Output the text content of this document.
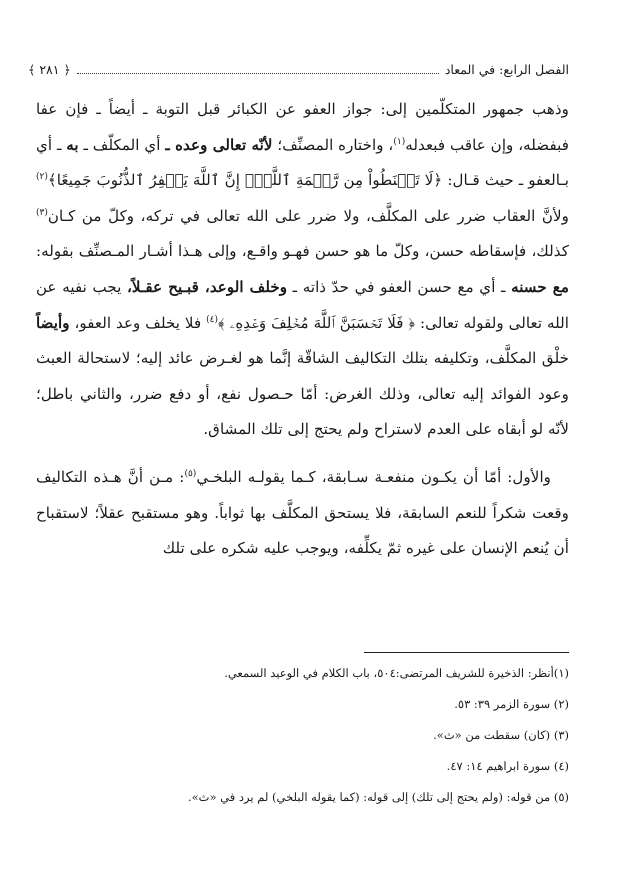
الفصل الرابع: في المعاد
﴿ ٢٨١ ﴾

وذهب جمهور المتكلّمين إلى: جواز العفو عن الكبائر قبل التوبة ـ أيضاً ـ فإن عفا فبفضله، وإن عاقب فبعدله$^{(١)}$، واختاره المصنِّف؛ لأنّه تعالى وعده ـ أي المكلّف ـ به ـ أي بـالعفو ـ حيث قـال: ﴿لَا تَقۡنَطُواْ مِن رَّحۡمَةِ ٱللَّهِۚ إِنَّ ٱللَّهَ يَغۡفِرُ ٱلذُّنُوبَ جَمِيعًا﴾$^{(٢)}$ ولأنَّ العقاب ضرر على المكلَّف، ولا ضرر على الله تعالى في تركه، وكلّ من كـان$^{(٣)}$ كذلك، فإسقاطه حسن، وكلّ ما هو حسن فهـو واقـع، وإلى هـذا أشـار المـصنِّف بقوله: مع حسنه ـ أي مع حسن العفو في حدّ ذاته ـ وخلف الوعد، قبـيح عقـلاً، يجب نفيه عن الله تعالى ولقوله تعالى: ﴿ فَلَا تَحۡسَبَنَّ ٱللَّهَ مُخۡلِفَ وَعۡدِهِۦ ﴾$^{(٤)}$ فلا يخلف وعد العفو، وأيضاً خلْق المكلَّف، وتكليفه بتلك التكاليف الشاقّة إنَّما هو لغـرض عائد إليه؛ لاستحالة العبث وعود الفوائد إليه تعالى، وذلك الغرض: أمّا حـصول نفع، أو دفع ضرر، والثاني باطل؛ لأنّه لو أبقاه على العدم لاستراح ولم يحتج إلى تلك المشاق.

والأول: أمّا أن يكـون منفعـة سـابقة، كـما يقولـه البلخـي$^{(٥)}$: مـن أنَّ هـذه التكاليف وقعت شكراً للنعم السابقة، فلا يستحق المكلَّف بها ثواباً. وهو مستقبح عقلاً؛ لاستقباح أن يُنعم الإنسان على غيره ثمّ يكلِّفه، ويوجب عليه شكره على تلك

(١)أنظر: الذخيرة للشريف المرتضى:٥٠٤، باب الكلام في الوعيد السمعي.
(٢) سورة الزمر ٣٩: ٥٣.
(٣) (كان) سقطت من «ث».
(٤) سورة ابراهيم ١٤: ٤٧.
(٥) من قوله: (ولم يحتج إلى تلك) إلى قوله: (كما يقوله البلخي) لم يرد في «ث».
